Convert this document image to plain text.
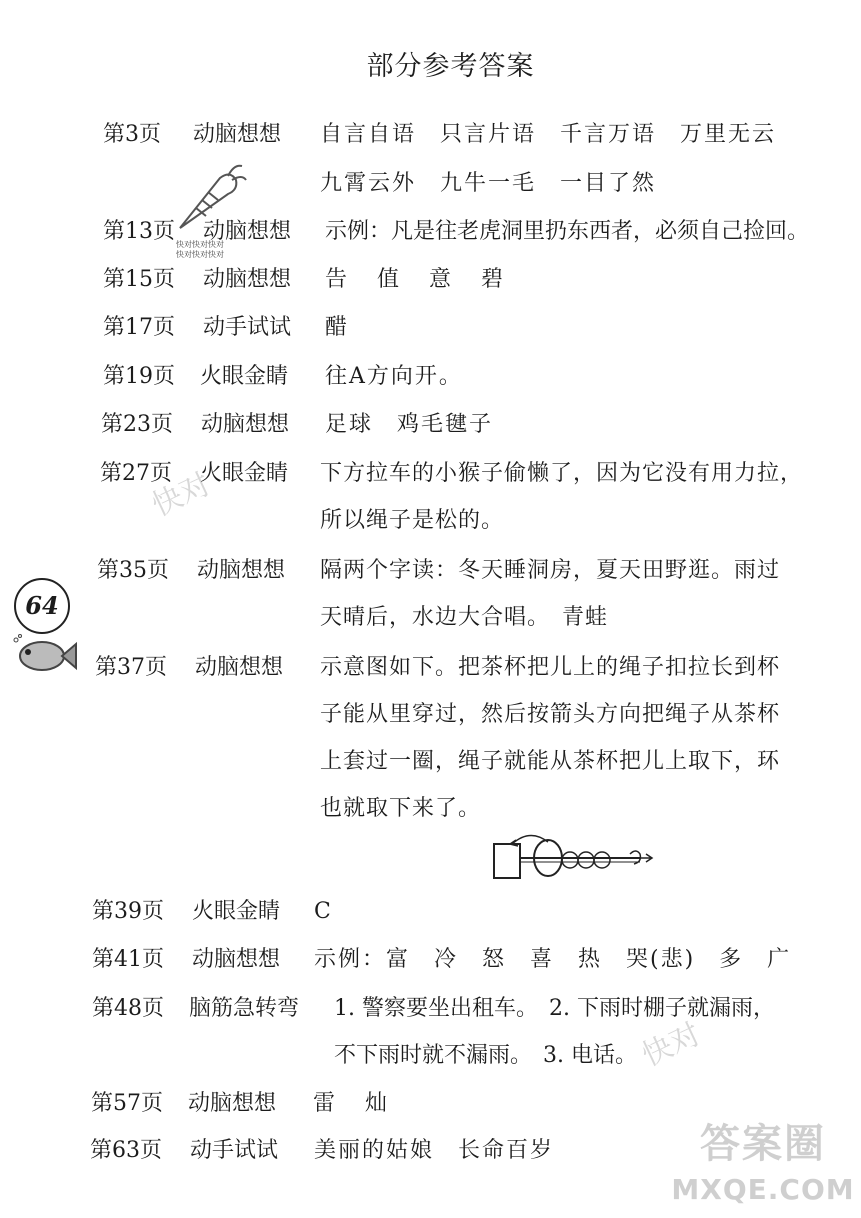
部分参考答案
快对快对快对
快对快对快对
快对
快对
64
第3页 动脑想想 自言自语　只言片语　千言万语　万里无云
九霄云外　九牛一毛　一目了然
第13页 动脑想想 示例：凡是往老虎洞里扔东西者，必须自己捡回。
第15页 动脑想想 告　值　意　碧
第17页 动手试试 醋
第19页 火眼金睛 往A方向开。
第23页 动脑想想 足球　鸡毛毽子
第27页 火眼金睛 下方拉车的小猴子偷懒了，因为它没有用力拉，
所以绳子是松的。
第35页 动脑想想 隔两个字读：冬天睡洞房，夏天田野逛。雨过
天晴后，水边大合唱。　青蛙
第37页 动脑想想 示意图如下。把茶杯把儿上的绳子扣拉长到杯
子能从里穿过，然后按箭头方向把绳子从茶杯
上套过一圈，绳子就能从茶杯把儿上取下，环
也就取下来了。
第39页 火眼金睛 C
第41页 动脑想想 示例：富　冷　怒　喜　热　哭(悲)　多　广
第48页 脑筋急转弯 1. 警察要坐出租车。　2. 下雨时棚子就漏雨，
不下雨时就不漏雨。　3. 电话。
第57页 动脑想想 雷　灿
第63页 动手试试 美丽的姑娘　长命百岁	答案圈
MXQE.COM
